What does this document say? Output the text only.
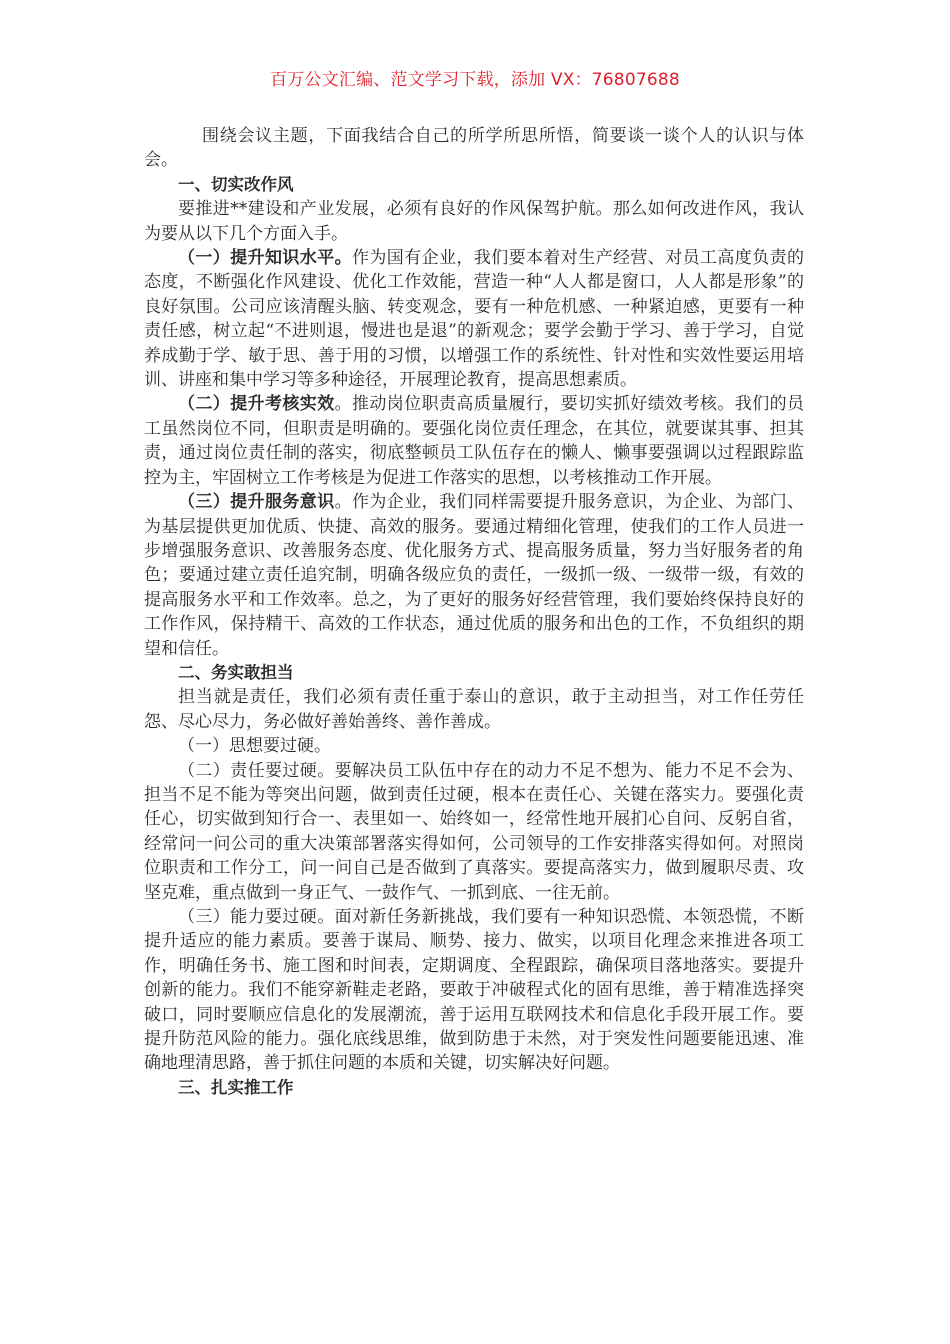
百万公文汇编、范文学习下载，添加 VX：76807688

围绕会议主题，下面我结合自己的所学所思所悟，简要谈一谈个人的认识与体会。

一、切实改作风

要推进**建设和产业发展，必须有良好的作风保驾护航。那么如何改进作风，我认为要从以下几个方面入手。

（一）提升知识水平。作为国有企业，我们要本着对生产经营、对员工高度负责的态度，不断强化作风建设、优化工作效能，营造一种“人人都是窗口，人人都是形象”的良好氛围。公司应该清醒头脑、转变观念，要有一种危机感、一种紧迫感，更要有一种责任感，树立起“不进则退，慢进也是退”的新观念；要学会勤于学习、善于学习，自觉养成勤于学、敏于思、善于用的习惯，以增强工作的系统性、针对性和实效性要运用培训、讲座和集中学习等多种途径，开展理论教育，提高思想素质。

（二）提升考核实效。推动岗位职责高质量履行，要切实抓好绩效考核。我们的员工虽然岗位不同，但职责是明确的。要强化岗位责任理念，在其位，就要谋其事、担其责，通过岗位责任制的落实，彻底整顿员工队伍存在的懒人、懒事要强调以过程跟踪监控为主，牢固树立工作考核是为促进工作落实的思想，以考核推动工作开展。

（三）提升服务意识。作为企业，我们同样需要提升服务意识，为企业、为部门、为基层提供更加优质、快捷、高效的服务。要通过精细化管理，使我们的工作人员进一步增强服务意识、改善服务态度、优化服务方式、提高服务质量，努力当好服务者的角色；要通过建立责任追究制，明确各级应负的责任，一级抓一级、一级带一级，有效的提高服务水平和工作效率。总之，为了更好的服务好经营管理，我们要始终保持良好的工作作风，保持精干、高效的工作状态，通过优质的服务和出色的工作，不负组织的期望和信任。

二、务实敢担当

担当就是责任，我们必须有责任重于泰山的意识，敢于主动担当，对工作任劳任怨、尽心尽力，务必做好善始善终、善作善成。

（一）思想要过硬。

（二）责任要过硬。要解决员工队伍中存在的动力不足不想为、能力不足不会为、担当不足不能为等突出问题，做到责任过硬，根本在责任心、关键在落实力。要强化责任心，切实做到知行合一、表里如一、始终如一，经常性地开展扪心自问、反躬自省，经常问一问公司的重大决策部署落实得如何，公司领导的工作安排落实得如何。对照岗位职责和工作分工，问一问自己是否做到了真落实。要提高落实力，做到履职尽责、攻坚克难，重点做到一身正气、一鼓作气、一抓到底、一往无前。

（三）能力要过硬。面对新任务新挑战，我们要有一种知识恐慌、本领恐慌，不断提升适应的能力素质。要善于谋局、顺势、接力、做实，以项目化理念来推进各项工作，明确任务书、施工图和时间表，定期调度、全程跟踪，确保项目落地落实。要提升创新的能力。我们不能穿新鞋走老路，要敢于冲破程式化的固有思维，善于精准选择突破口，同时要顺应信息化的发展潮流，善于运用互联网技术和信息化手段开展工作。要提升防范风险的能力。强化底线思维，做到防患于未然，对于突发性问题要能迅速、准确地理清思路，善于抓住问题的本质和关键，切实解决好问题。

三、扎实推工作
